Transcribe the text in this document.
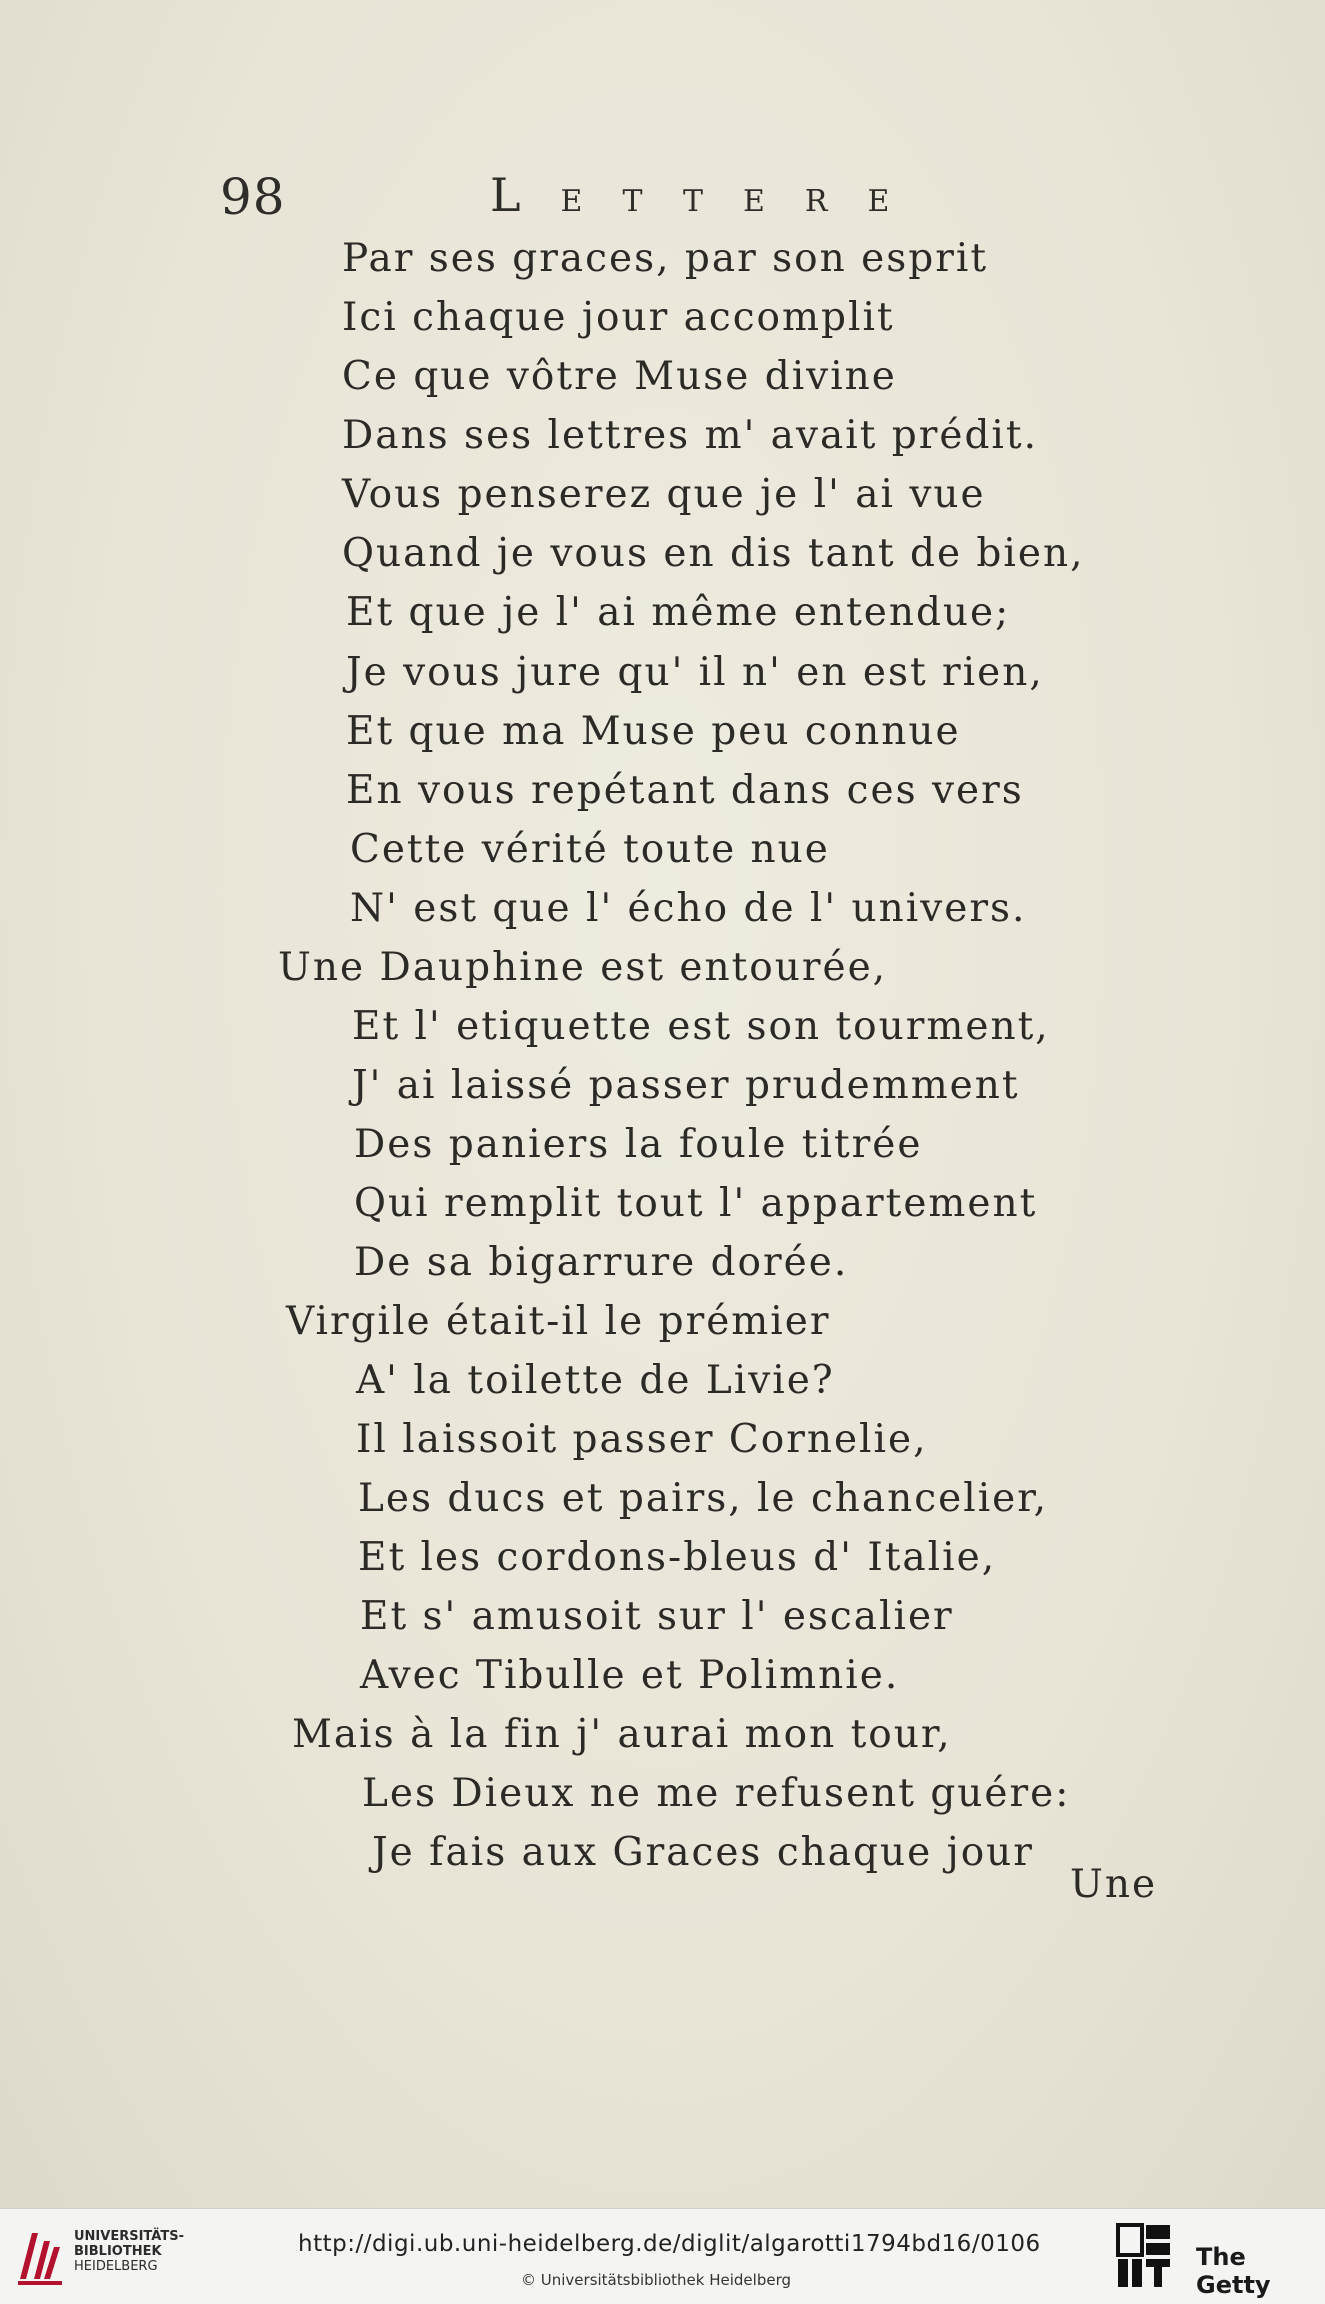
98	LETTERE
Par ses graces, par son esprit
Ici chaque jour accomplit
Ce que vôtre Muse divine
Dans ses lettres m' avait prédit.
Vous penserez que je l' ai vue
Quand je vous en dis tant de bien,
Et que je l' ai même entendue;
Je vous jure qu' il n' en est rien,
Et que ma Muse peu connue
En vous repétant dans ces vers
Cette vérité toute nue
N' est que l' écho de l' univers.
Une Dauphine est entourée,
Et l' etiquette est son tourment,
J' ai laissé passer prudemment
Des paniers la foule titrée
Qui remplit tout l' appartement
De sa bigarrure dorée.
Virgile était-il le prémier
A' la toilette de Livie?
Il laissoit passer Cornelie,
Les ducs et pairs, le chancelier,
Et les cordons-bleus d' Italie,
Et s' amusoit sur l' escalier
Avec Tibulle et Polimnie.
Mais à la fin j' aurai mon tour,
Les Dieux ne me refusent guére:
Je fais aux Graces chaque jour
Une
UNIVERSITÄTS-
BIBLIOTHEK
HEIDELBERG
http://digi.ub.uni-heidelberg.de/diglit/algarotti1794bd16/0106
© Universitätsbibliothek Heidelberg
The Getty
